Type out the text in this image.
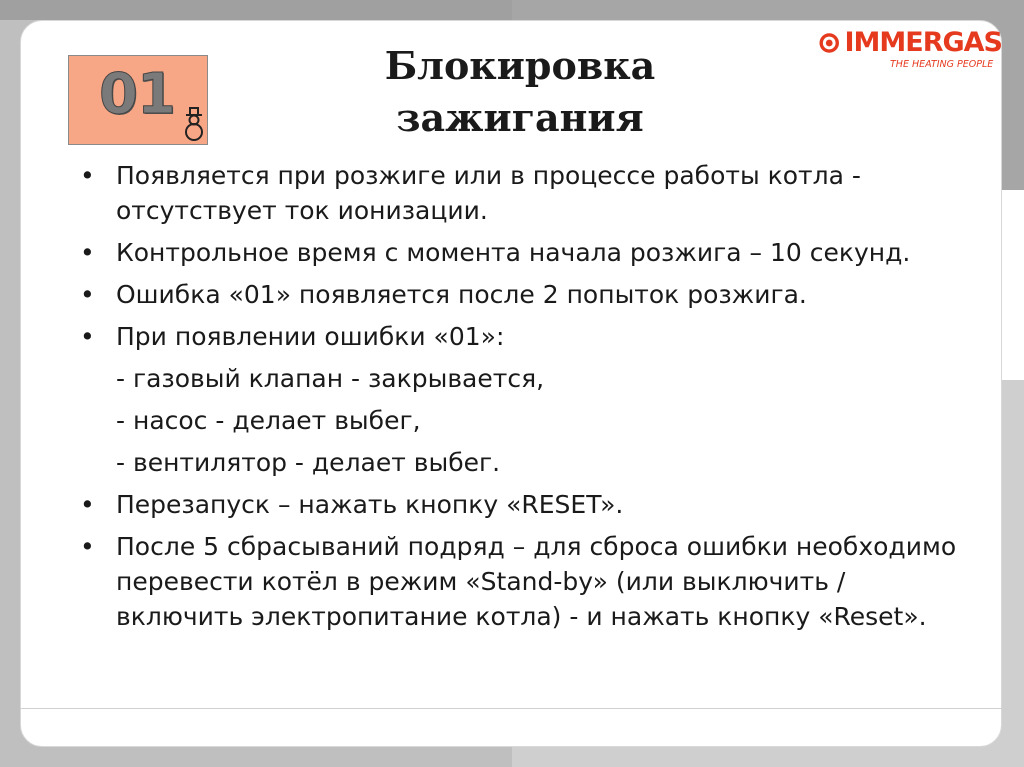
01	Блокировка
зажигания
IMMERGAS
THE HEATING PEOPLE
• Появляется при розжиге или в процессе работы котла - отсутствует ток ионизации.
• Контрольное время с момента начала розжига – 10 секунд.
• Ошибка «01» появляется после 2 попыток розжига.
• При появлении ошибки «01»:
- газовый клапан - закрывается,
- насос - делает выбег,
- вентилятор - делает выбег.
• Перезапуск – нажать кнопку «RESET».
• После 5 сбрасываний подряд – для сброса ошибки необходимо перевести котёл в режим «Stand-by» (или выключить / включить электропитание котла) - и нажать кнопку «Reset».
